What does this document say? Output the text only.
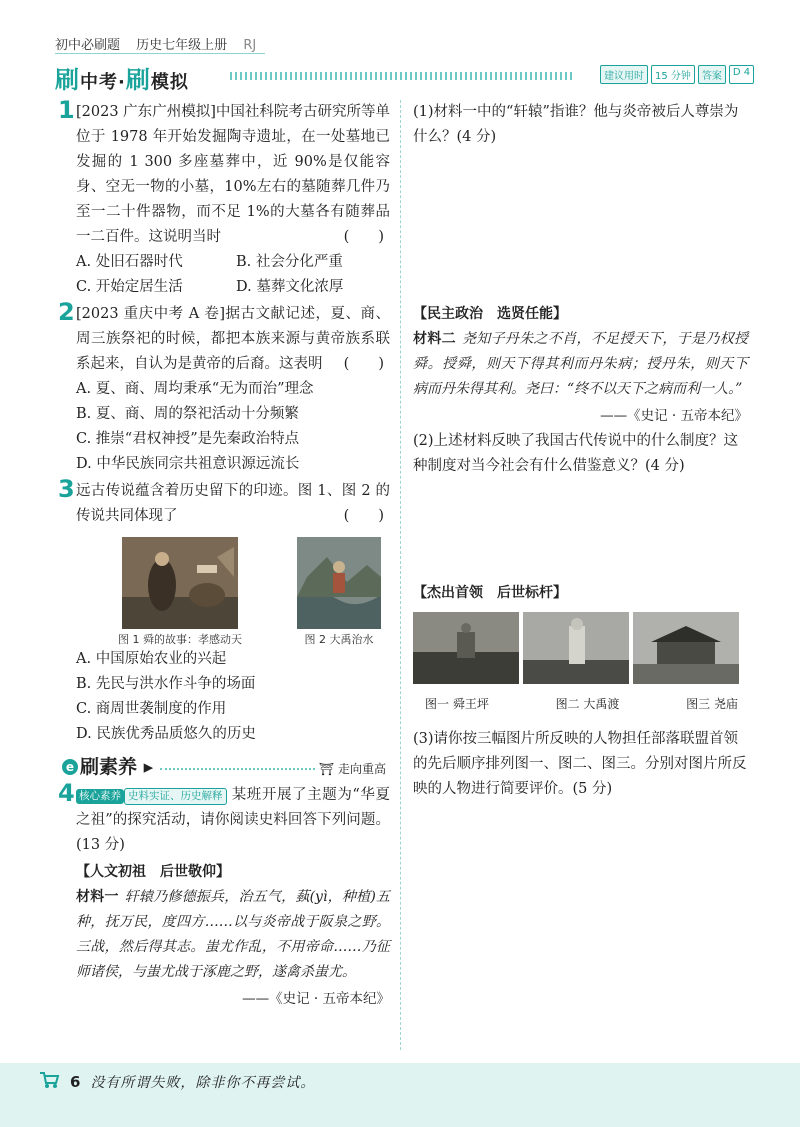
初中必刷题 历史七年级上册 RJ
刷中考·刷模拟	建议用时	15 分钟	答案	D 4
1 [2023 广东广州模拟]中国社科院考古研究所等单位于 1978 年开始发掘陶寺遗址，在一处墓地已发掘的 1 300 多座墓葬中，近 90%是仅能容身、空无一物的小墓，10%左右的墓随葬几件乃至一二十件器物，而不足 1%的大墓各有随葬品一二百件。这说明当时	(　　)
A. 处旧石器时代	B. 社会分化严重
C. 开始定居生活	D. 墓葬文化浓厚
2 [2023 重庆中考 A 卷]据古文献记述，夏、商、周三族祭祀的时候，都把本族来源与黄帝族系联系起来，自认为是黄帝的后裔。这表明 (　　)
A. 夏、商、周均秉承“无为而治”理念
B. 夏、商、周的祭祀活动十分频繁
C. 推崇“君权神授”是先秦政治特点
D. 中华民族同宗共祖意识源远流长
3 远古传说蕴含着历史留下的印迹。图 1、图 2 的传说共同体现了	(　　)
图 1 舜的故事：孝感动天	图 2 大禹治水
A. 中国原始农业的兴起
B. 先民与洪水作斗争的场面
C. 商周世袭制度的作用
D. 民族优秀品质悠久的历史
e 刷素养 ▸	⛩ 走向重高
4 核心素养 史料实证、历史解释 某班开展了主题为“华夏之祖”的探究活动，请你阅读史料回答下列问题。(13 分)
【人文初祖　后世敬仰】
材料一 轩辕乃修德振兵，治五气，蓺(yì，种植)五种，抚万民，度四方……以与炎帝战于阪泉之野。三战，然后得其志。蚩尤作乱，不用帝命……乃征师诸侯，与蚩尤战于涿鹿之野，遂禽杀蚩尤。
——《史记 · 五帝本纪》
(1)材料一中的“轩辕”指谁？他与炎帝被后人尊崇为什么？(4 分)
【民主政治　选贤任能】
材料二 尧知子丹朱之不肖，不足授天下，于是乃权授舜。授舜，则天下得其利而丹朱病；授丹朱，则天下病而丹朱得其利。尧曰：“终不以天下之病而利一人。”
——《史记 · 五帝本纪》
(2)上述材料反映了我国古代传说中的什么制度？这种制度对当今社会有什么借鉴意义？(4 分)
【杰出首领　后世标杆】
图一 舜王坪	图二 大禹渡	图三 尧庙
(3)请你按三幅图片所反映的人物担任部落联盟首领的先后顺序排列图一、图二、图三。分别对图片所反映的人物进行简要评价。(5 分)
6 没有所谓失败，除非你不再尝试。
